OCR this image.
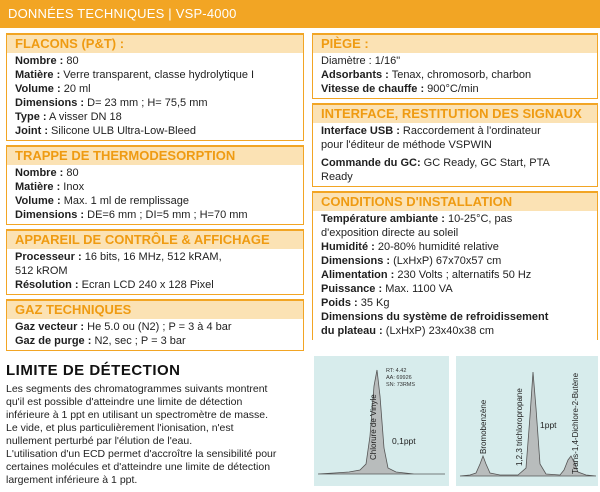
DONNÉES TECHNIQUES | VSP-4000
FLACONS (P&T) :
Nombre : 80
Matière : Verre transparent, classe hydrolytique I
Volume : 20 ml
Dimensions : D= 23 mm ; H= 75,5 mm
Type : A visser DN 18
Joint : Silicone ULB Ultra-Low-Bleed
TRAPPE DE THERMODESORPTION
Nombre : 80
Matière : Inox
Volume : Max. 1 ml de remplissage
Dimensions : DE=6 mm ; DI=5 mm ; H=70 mm
APPAREIL DE CONTRÔLE & AFFICHAGE
Processeur : 16 bits, 16 MHz, 512 kRAM,
512 kROM
Résolution : Ecran LCD 240 x 128 Pixel
GAZ TECHNIQUES
Gaz vecteur : He 5.0 ou (N2) ; P = 3 à 4 bar
Gaz de purge : N2, sec ; P = 3 bar
PIÈGE :
Diamètre : 1/16"
Adsorbants : Tenax, chromosorb, charbon
Vitesse de chauffe : 900°C/min
INTERFACE, RESTITUTION DES SIGNAUX
Interface USB : Raccordement à l'ordinateur
pour l'éditeur de méthode VSPWIN
Commande du GC: GC Ready, GC Start, PTA
Ready
CONDITIONS D'INSTALLATION
Température ambiante : 10-25°C, pas
d'exposition directe au soleil
Humidité : 20-80% humidité relative
Dimensions : (LxHxP) 67x70x57 cm
Alimentation : 230 Volts ; alternatifs 50 Hz
Puissance : Max. 1100 VA
Poids : 35 Kg
Dimensions du système de refroidissement
du plateau : (LxHxP) 23x40x38 cm
LIMITE DE DÉTECTION

Les segments des chromatogrammes suivants montrent
qu'il est possible d'atteindre une limite de détection
inférieure à 1 ppt en utilisant un spectromètre de masse.
Le vide, et plus particulièrement l'ionisation, n'est
nullement perturbé par l'élution de l'eau.
L'utilisation d'un ECD permet d'accroître la sensibilité pour
certaines molécules et d'atteindre une limite de détection
largement inférieure à 1 ppt.

RT: 4.42
AA: 69926
SN: 73RMS
Chlorure de Vinyle 0,1ppt	Bromobenzène	1,2,3 trichloropropane 1ppt Trans-1,4-Dichlore-2-Butène
